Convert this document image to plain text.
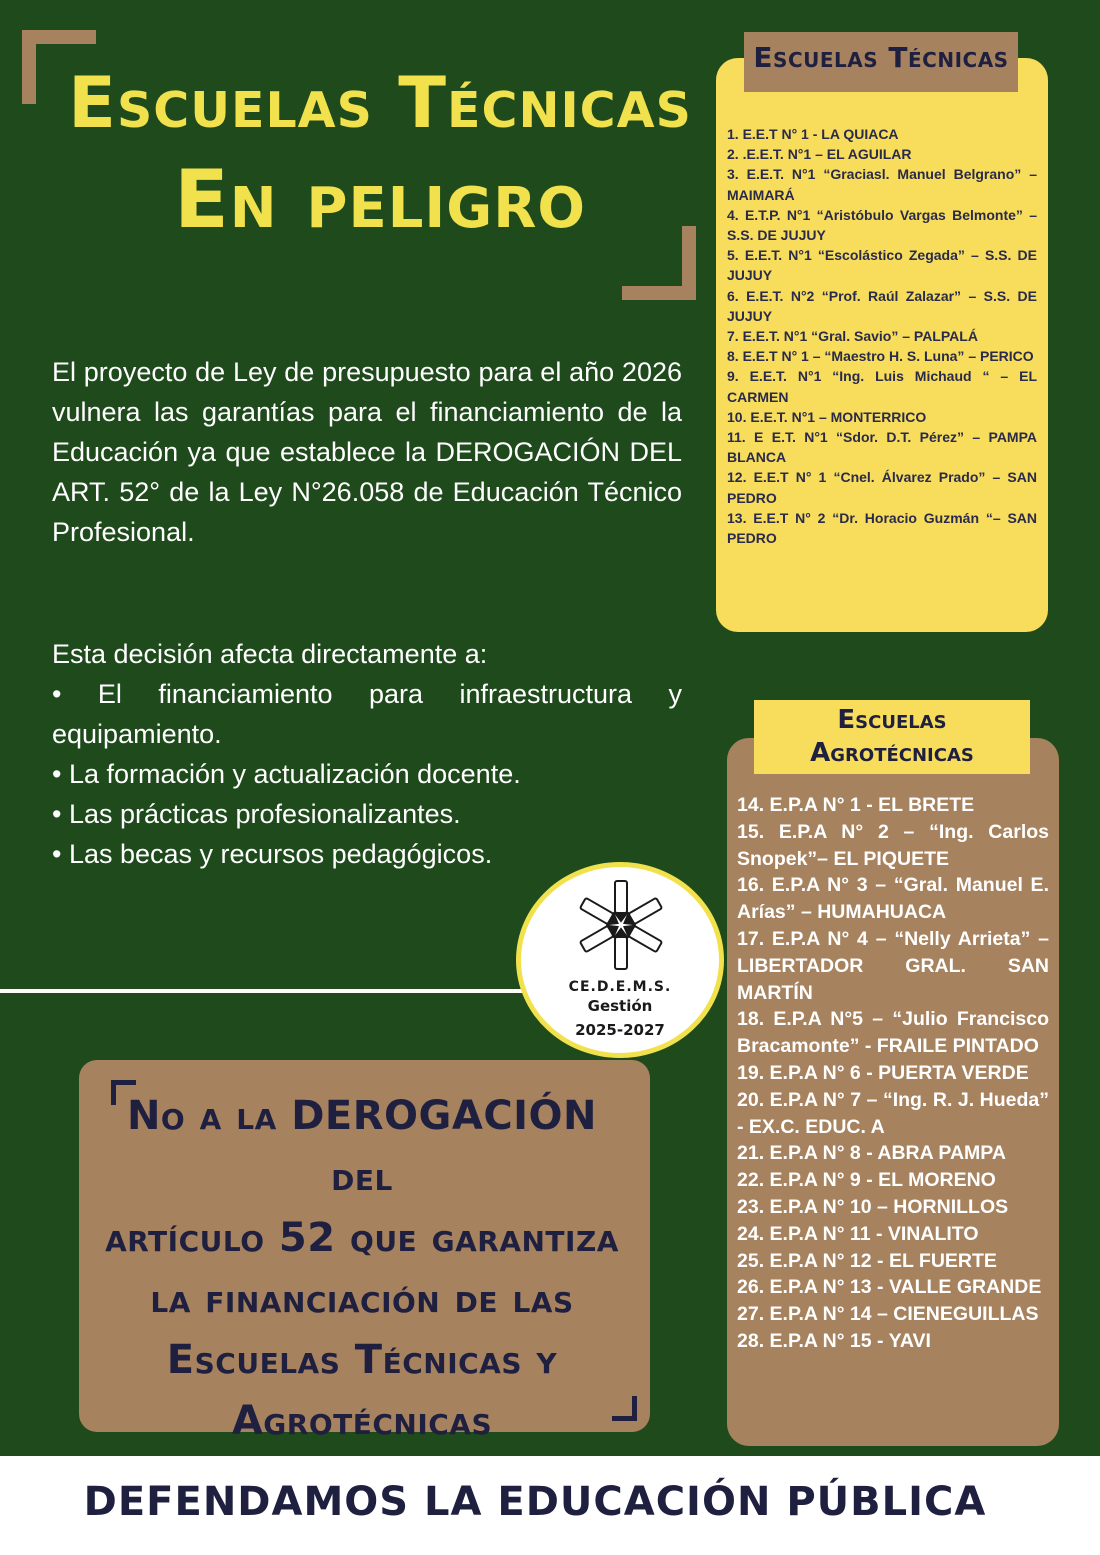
Escuelas Técnicas
En peligro

El proyecto de Ley de presupuesto para el año 2026 vulnera las garantías para el financiamiento de la Educación ya que establece la DEROGACIÓN DEL ART. 52° de la Ley N°26.058 de Educación Técnico Profesional.

Esta decisión afecta directamente a:

• El financiamiento para infraestructura y equipamiento.
• La formación y actualización docente.
• Las prácticas profesionalizantes.
• Las becas y recursos pedagógicos.
Escuelas Técnicas
1. E.E.T N° 1 - LA QUIACA
2. .E.E.T. N°1 – EL AGUILAR
3. E.E.T. N°1 “Graciasl. Manuel Belgrano” – MAIMARÁ
4. E.T.P. N°1 “Aristóbulo Vargas Belmonte” – S.S. DE JUJUY
5. E.E.T. N°1 “Escolástico Zegada” – S.S. DE JUJUY
6. E.E.T. N°2 “Prof. Raúl Zalazar” – S.S. DE JUJUY
7. E.E.T. N°1 “Gral. Savio” – PALPALÁ
8. E.E.T N° 1 – “Maestro H. S. Luna” – PERICO
9. E.E.T. N°1 “Ing. Luis Michaud “ – EL CARMEN
10. E.E.T. N°1 – MONTERRICO
11. E E.T. N°1 “Sdor. D.T. Pérez” – PAMPA BLANCA
12. E.E.T N° 1 “Cnel. Álvarez Prado” – SAN PEDRO
13. E.E.T N° 2 “Dr. Horacio Guzmán “– SAN PEDRO
Escuelas
Agrotécnicas
14. E.P.A N° 1 - EL BRETE
15. E.P.A N° 2 – “Ing. Carlos Snopek”– EL PIQUETE
16. E.P.A N° 3 – “Gral. Manuel E. Arías” – HUMAHUACA
17. E.P.A N° 4 – “Nelly Arrieta” – LIBERTADOR GRAL. SAN MARTÍN
18. E.P.A N°5 – “Julio Francisco Bracamonte” - FRAILE PINTADO
19. E.P.A N° 6 - PUERTA VERDE
20. E.P.A N° 7 – “Ing. R. J. Hueda” - EX.C. EDUC. A
21. E.P.A N° 8 - ABRA PAMPA
22. E.P.A N° 9 - EL MORENO
23. E.P.A N° 10 – HORNILLOS
24. E.P.A N° 11 - VINALITO
25. E.P.A N° 12 - EL FUERTE
26. E.P.A N° 13 - VALLE GRANDE
27. E.P.A N° 14 – CIENEGUILLAS
28. E.P.A N° 15 - YAVI
CE.D.E.M.S.
Gestión
2025-2027
No a la DEROGACIÓN del
artículo 52 que garantiza
la financiación de las
Escuelas Técnicas y
Agrotécnicas
DEFENDAMOS LA EDUCACIÓN PÚBLICA
